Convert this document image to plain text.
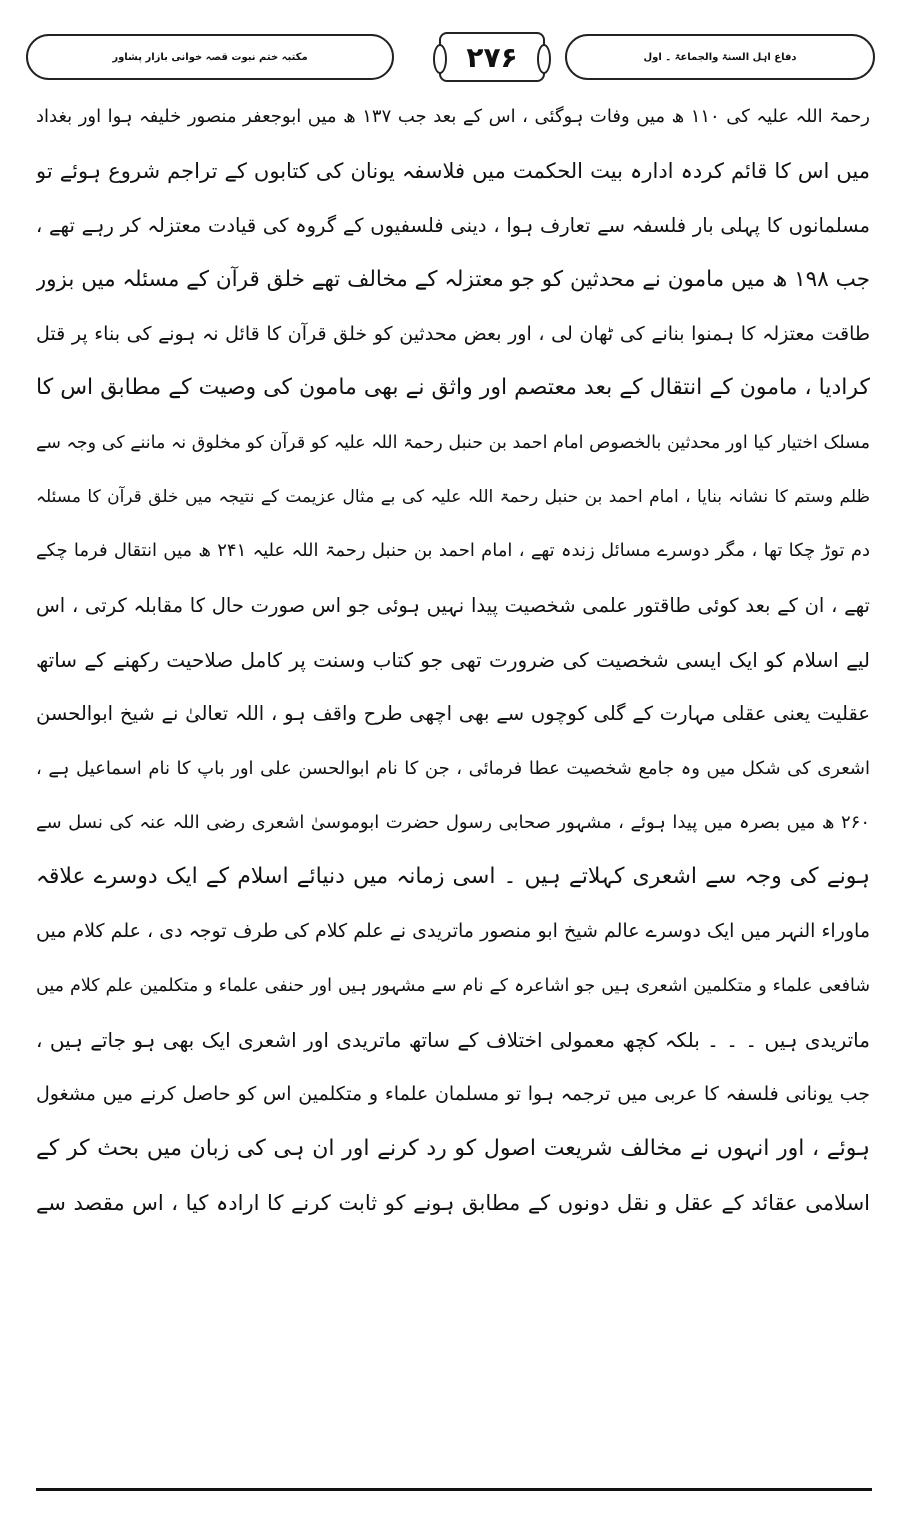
دفاع اہل السنۃ والجماعۃ ۔ اول
۲۷۶
مکتبہ ختم نبوت قصہ خوانی بازار پشاور
رحمۃ اللہ علیہ کی ۱۱۰ ھ میں وفات ہوگئی ، اس کے بعد جب ۱۳۷ ھ میں ابوجعفر منصور خلیفہ ہوا اور بغداد
میں اس کا قائم کردہ ادارہ بیت الحکمت میں فلاسفہ یونان کی کتابوں کے تراجم شروع ہوئے تو
مسلمانوں کا پہلی بار فلسفہ سے تعارف ہوا ، دینی فلسفیوں کے گروہ کی قیادت معتزلہ کر رہے تھے ،
جب ۱۹۸ ھ میں مامون نے محدثین کو جو معتزلہ کے مخالف تھے خلق قرآن کے مسئلہ میں بزور
طاقت معتزلہ کا ہمنوا بنانے کی ٹھان لی ، اور بعض محدثین کو خلق قرآن کا قائل نہ ہونے کی بناء پر قتل
کرادیا ، مامون کے انتقال کے بعد معتصم اور واثق نے بھی مامون کی وصیت کے مطابق اس کا
مسلک اختیار کیا اور محدثین بالخصوص امام احمد بن حنبل رحمۃ اللہ علیہ کو قرآن کو مخلوق نہ ماننے کی وجہ سے
ظلم وستم کا نشانہ بنایا ، امام احمد بن حنبل رحمۃ اللہ علیہ کی بے مثال عزیمت کے نتیجہ میں خلق قرآن کا مسئلہ
دم توڑ چکا تھا ، مگر دوسرے مسائل زندہ تھے ، امام احمد بن حنبل رحمۃ اللہ علیہ ۲۴۱ ھ میں انتقال فرما چکے
تھے ، ان کے بعد کوئی طاقتور علمی شخصیت پیدا نہیں ہوئی جو اس صورت حال کا مقابلہ کرتی ، اس
لیے اسلام کو ایک ایسی شخصیت کی ضرورت تھی جو کتاب وسنت پر کامل صلاحیت رکھنے کے ساتھ
عقلیت یعنی عقلی مہارت کے گلی کوچوں سے بھی اچھی طرح واقف ہو ، اللہ تعالیٰ نے شیخ ابوالحسن
اشعری کی شکل میں وہ جامع شخصیت عطا فرمائی ، جن کا نام ابوالحسن علی اور باپ کا نام اسماعیل ہے ،
۲۶۰ ھ میں بصرہ میں پیدا ہوئے ، مشہور صحابی رسول حضرت ابوموسیٰ اشعری رضی اللہ عنہ کی نسل سے
ہونے کی وجہ سے اشعری کہلاتے ہیں ۔ اسی زمانہ میں دنیائے اسلام کے ایک دوسرے علاقہ
ماوراء النہر میں ایک دوسرے عالم شیخ ابو منصور ماتریدی نے علم کلام کی طرف توجہ دی ، علم کلام میں
شافعی علماء و متکلمین اشعری ہیں جو اشاعرہ کے نام سے مشہور ہیں اور حنفی علماء و متکلمین علم کلام میں
ماتریدی ہیں ۔ ۔ ۔ بلکہ کچھ معمولی اختلاف کے ساتھ ماتریدی اور اشعری ایک بھی ہو جاتے ہیں ،
جب یونانی فلسفہ کا عربی میں ترجمہ ہوا تو مسلمان علماء و متکلمین اس کو حاصل کرنے میں مشغول
ہوئے ، اور انہوں نے مخالف شریعت اصول کو رد کرنے اور ان ہی کی زبان میں بحث کر کے
اسلامی عقائد کے عقل و نقل دونوں کے مطابق ہونے کو ثابت کرنے کا ارادہ کیا ، اس مقصد سے
